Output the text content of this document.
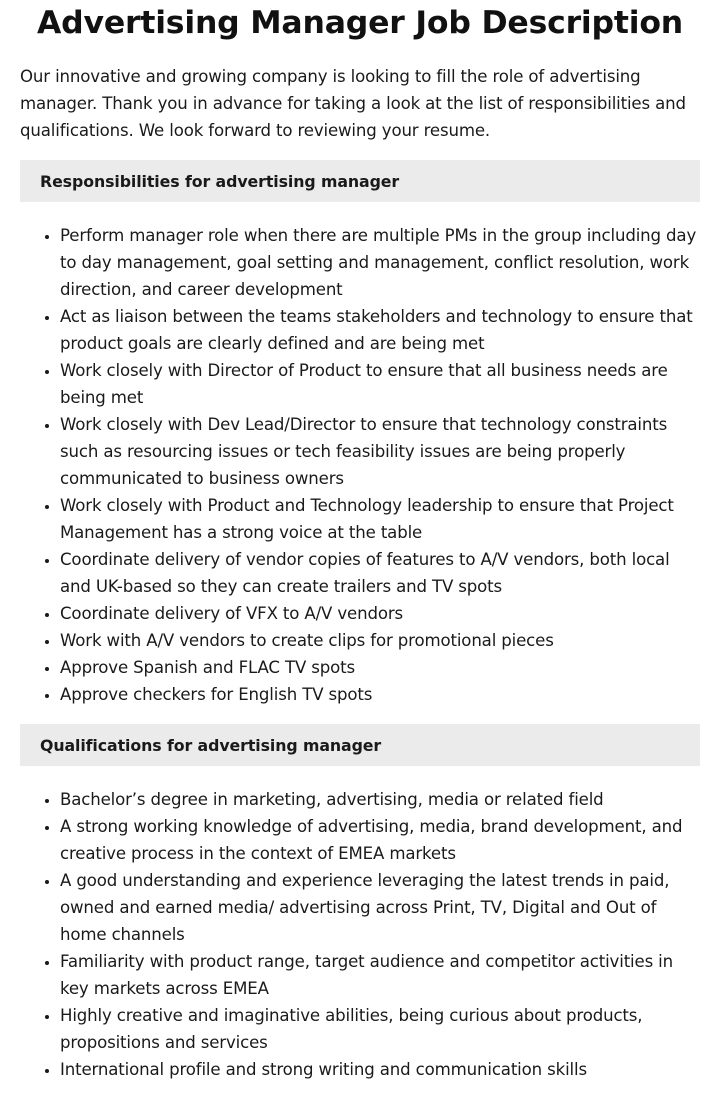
Advertising Manager Job Description

Our innovative and growing company is looking to fill the role of advertising manager. Thank you in advance for taking a look at the list of responsibilities and qualifications. We look forward to reviewing your resume.

Responsibilities for advertising manager
• Perform manager role when there are multiple PMs in the group including day to day management, goal setting and management, conflict resolution, work direction, and career development
• Act as liaison between the teams stakeholders and technology to ensure that product goals are clearly defined and are being met
• Work closely with Director of Product to ensure that all business needs are being met
• Work closely with Dev Lead/Director to ensure that technology constraints such as resourcing issues or tech feasibility issues are being properly communicated to business owners
• Work closely with Product and Technology leadership to ensure that Project Management has a strong voice at the table
• Coordinate delivery of vendor copies of features to A/V vendors, both local and UK-based so they can create trailers and TV spots
• Coordinate delivery of VFX to A/V vendors
• Work with A/V vendors to create clips for promotional pieces
• Approve Spanish and FLAC TV spots
• Approve checkers for English TV spots
Qualifications for advertising manager
• Bachelor’s degree in marketing, advertising, media or related field
• A strong working knowledge of advertising, media, brand development, and creative process in the context of EMEA markets
• A good understanding and experience leveraging the latest trends in paid, owned and earned media/ advertising across Print, TV, Digital and Out of home channels
• Familiarity with product range, target audience and competitor activities in key markets across EMEA
• Highly creative and imaginative abilities, being curious about products, propositions and services
• International profile and strong writing and communication skills
